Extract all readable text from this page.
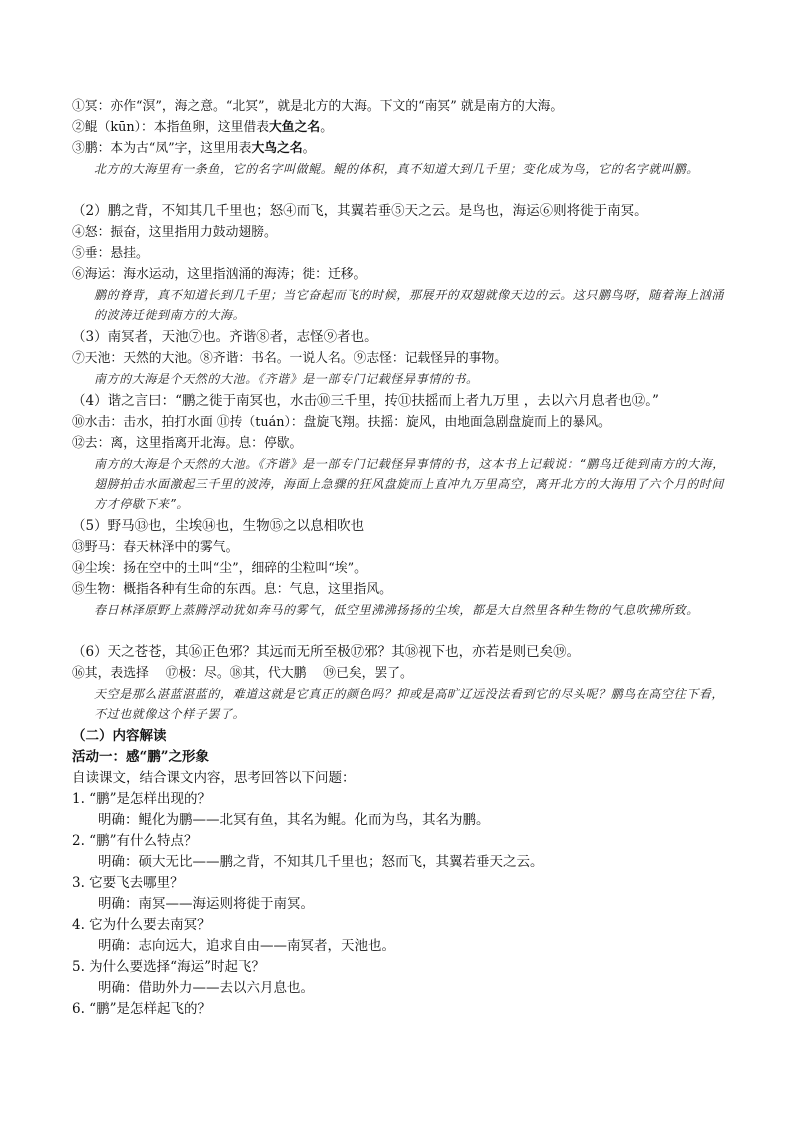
①冥：亦作“溟”，海之意。“北冥”，就是北方的大海。下文的“南冥” 就是南方的大海。
②鲲（kūn）：本指鱼卵，这里借表大鱼之名。
③鹏：本为古“凤”字，这里用表大鸟之名。
北方的大海里有一条鱼，它的名字叫做鲲。鲲的体积，真不知道大到几千里；变化成为鸟，它的名字就叫鹏。
（2）鹏之背，不知其几千里也；怒④而飞，其翼若垂⑤天之云。是鸟也，海运⑥则将徙于南冥。
④怒：振奋，这里指用力鼓动翅膀。
⑤垂：悬挂。
⑥海运：海水运动，这里指汹涌的海涛；徙：迁移。
鹏的脊背，真不知道长到几千里；当它奋起而飞的时候，那展开的双翅就像天边的云。这只鹏鸟呀，随着海上汹涌的波涛迁徙到南方的大海。
（3）南冥者，天池⑦也。齐谐⑧者，志怪⑨者也。
⑦天池：天然的大池。⑧齐谐：书名。一说人名。⑨志怪：记载怪异的事物。
南方的大海是个天然的大池。《齐谐》是一部专门记载怪异事情的书。
（4）谐之言曰：“鹏之徙于南冥也，水击⑩三千里，抟⑪扶摇而上者九万里 ，去以六月息者也⑫。”
⑩水击：击水，拍打水面 ⑪抟（tuán）：盘旋飞翔。扶摇：旋风，由地面急剧盘旋而上的暴风。
⑫去：离，这里指离开北海。息：停歇。
南方的大海是个天然的大池。《齐谐》是一部专门记载怪异事情的书，这本书上记载说：“鹏鸟迁徙到南方的大海，翅膀拍击水面激起三千里的波涛，海面上急骤的狂风盘旋而上直冲九万里高空，离开北方的大海用了六个月的时间方才停歇下来”。
（5）野马⑬也，尘埃⑭也，生物⑮之以息相吹也
⑬野马：春天林泽中的雾气。
⑭尘埃：扬在空中的土叫“尘”，细碎的尘粒叫“埃”。
⑮生物：概指各种有生命的东西。息：气息，这里指风。
春日林泽原野上蒸腾浮动犹如奔马的雾气，低空里沸沸扬扬的尘埃，都是大自然里各种生物的气息吹拂所致。
（6）天之苍苍，其⑯正色邪？其远而无所至极⑰邪？其⑱视下也，亦若是则已矣⑲。
⑯其，表选择　 ⑰极：尽。⑱其，代大鹏　 ⑲已矣，罢了。
天空是那么湛蓝湛蓝的，难道这就是它真正的颜色吗？抑或是高旷辽远没法看到它的尽头呢？鹏鸟在高空往下看，不过也就像这个样子罢了。
（二）内容解读
活动一：感“鹏”之形象
自读课文，结合课文内容，思考回答以下问题：
1. “鹏”是怎样出现的？
明确：鲲化为鹏——北冥有鱼，其名为鲲。化而为鸟，其名为鹏。
2. “鹏”有什么特点？
明确：硕大无比——鹏之背，不知其几千里也；怒而飞，其翼若垂天之云。
3. 它要飞去哪里？
明确：南冥——海运则将徙于南冥。
4. 它为什么要去南冥？
明确：志向远大，追求自由——南冥者，天池也。
5. 为什么要选择“海运”时起飞？
明确：借助外力——去以六月息也。
6. “鹏”是怎样起飞的？
